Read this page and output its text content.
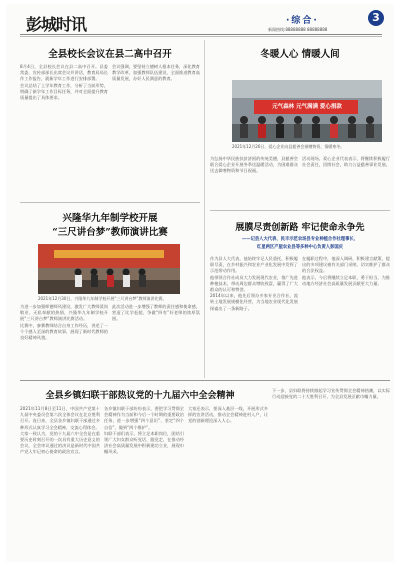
彭城时讯	·综合·	3
新闻热线:88888888 88888888
全县校长会议在县二高中召开
8月4日，全县校长会议在县二高中召开。县委常委、宣传部部长出席会议并讲话，教育局局长作工作报告，就新学年工作进行安排部署。
会议总结了上学年教育工作，分析了当前形势，明确了新学年工作目标任务，并对全面提升教育质量提出了具体要求。
会议强调，要坚持立德树人根本任务，深化教育教学改革，加强教师队伍建设，全面推进教育高质量发展，办好人民满意的教育。
冬暖人心 情暖人间
元气森林 元气满满 爱心捐款
2021年12月26日，爱心企业向县慈善会捐赠物资，情暖寒冬。
为弘扬中华民族扶贫济困的传统美德，县慈善会联合爱心企业开展冬季送温暖活动，为困难群众送去御寒物资和节日祝福。
活动现场，爱心企业代表表示，将继续积极履行社会责任，回馈社会，助力公益慈善事业发展。
兴隆华九年制学校开展
“三尺讲台梦”教师演讲比赛
2021年12月30日，兴隆华九年制学校开展“三尺讲台梦”教师演讲比赛。
为进一步加强师德师风建设，激发广大教师爱岗敬业、无私奉献的热情，兴隆华九年制学校开展“三尺讲台梦”教师演讲比赛活动。
比赛中，参赛教师结合自身工作经历，讲述了一个个感人至深的教育故事，展现了新时代教师的良好精神风貌。
此次活动进一步增强了教师的责任感和使命感，营造了比学赶超、争做“四有”好老师的浓厚氛围。
展膜尽责创新路 牢记使命永争先
——记县人大代表、民丰示范农场县专业种植合作社理事长、
红星两区产屋农业县等多种中心负责人彭国庆
作为县人大代表，他始终牢记人民重托，积极履职尽责，在乡村振兴和农业产业化发展中发挥了示范带动作用。
他带领合作社成员大力发展现代农业，推广先进种植技术，带动周边群众增收致富，赢得了广大群众的认可和赞誉。
2014年以来，他先后领办多家专业合作社，流转土地发展规模化经营，为当地农业现代化发展探索出了一条新路子。
在履职过程中，他深入调研，积极建言献策，提出的多项建议被有关部门采纳，切实维护了群众的合法权益。
他表示，今后将继续立足本职，勇于担当，为推动地方经济社会高质量发展贡献更大力量。
全县乡镇妇联干部热议党的十九届六中全会精神
2021年11月8日至11日，中国共产党第十九届中央委员会第六次全体会议在北京胜利召开。连日来，全县各乡镇妇联干部通过多种形式认真学习全会精神，交流心得体会。
大家一致认为，党的十九届六中全会是在重要历史时刻召开的一次具有重大历史意义的会议，全会审议通过的决议是新时代中国共产党人牢记初心使命的政治宣言。
各乡镇妇联干部纷纷表示，要把学习贯彻全会精神作为当前和今后一个时期的重要政治任务，进一步增强“四个意识”、坚定“四个自信”、做到“两个维护”。
妇联干部们表示，将立足本职岗位，团结引领广大妇女群众听党话、跟党走，在推动经济社会高质量发展中积极建功立业，展现巾帼风采。
大家还表示，要深入基层一线，开展形式多样的宣讲活动，推动全会精神进村入户，让党的创新理论深入人心。
下一步，县妇联将持续掀起学习宣传贯彻全会精神热潮，以实际行动迎接党的二十大胜利召开，为全县发展贡献巾帼力量。
